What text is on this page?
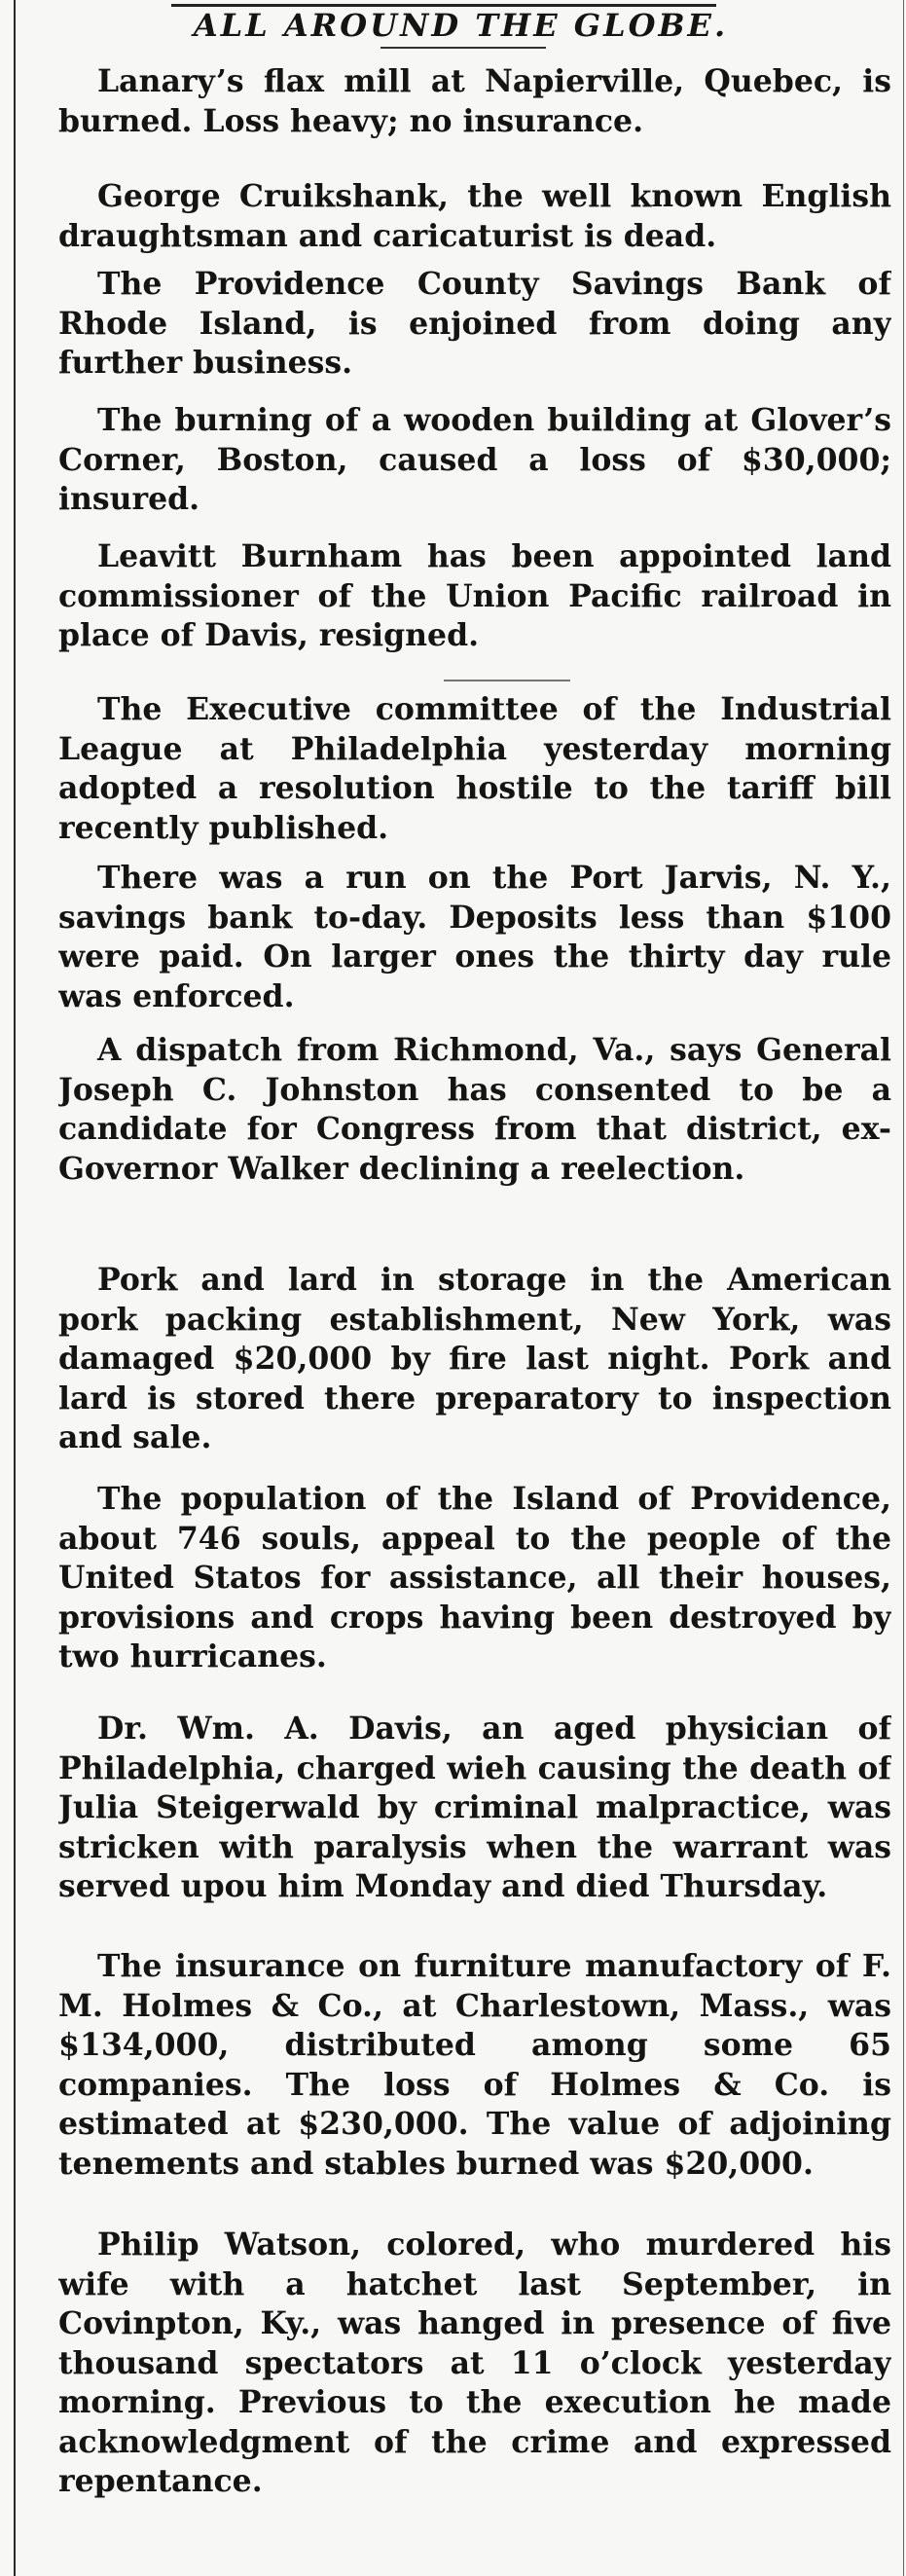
ALL AROUND THE GLOBE.

Lanary’s flax mill at Napierville, Quebec, is burned. Loss heavy; no insurance.

George Cruikshank, the well known English draughtsman and caricaturist is dead.

The Providence County Savings Bank of Rhode Island, is enjoined from doing any further business.

The burning of a wooden building at Glover’s Corner, Boston, caused a loss of $30,000; insured.

Leavitt Burnham has been appointed land commissioner of the Union Pacific railroad in place of Davis, resigned.

The Executive committee of the Industrial League at Philadelphia yesterday morning adopted a resolution hostile to the tariff bill recently published.

There was a run on the Port Jarvis, N. Y., savings bank to-day. Deposits less than $100 were paid. On larger ones the thirty day rule was enforced.

A dispatch from Richmond, Va., says General Joseph C. Johnston has consented to be a candidate for Congress from that district, ex-Governor Walker declining a reelection.

Pork and lard in storage in the American pork packing establishment, New York, was damaged $20,000 by fire last night. Pork and lard is stored there preparatory to inspection and sale.

The population of the Island of Providence, about 746 souls, appeal to the people of the United Statos for assistance, all their houses, provisions and crops having been destroyed by two hurricanes.

Dr. Wm. A. Davis, an aged physician of Philadelphia, charged wieh causing the death of Julia Steigerwald by criminal malpractice, was stricken with paralysis when the warrant was served upou him Monday and died Thursday.

The insurance on furniture manufactory of F. M. Holmes & Co., at Charlestown, Mass., was $134,000, distributed among some 65 companies. The loss of Holmes & Co. is estimated at $230,000. The value of adjoining tenements and stables burned was $20,000.

Philip Watson, colored, who murdered his wife with a hatchet last September, in Covinpton, Ky., was hanged in presence of five thousand spectators at 11 o’clock yesterday morning. Previous to the execution he made acknowledgment of the crime and expressed repentance.
